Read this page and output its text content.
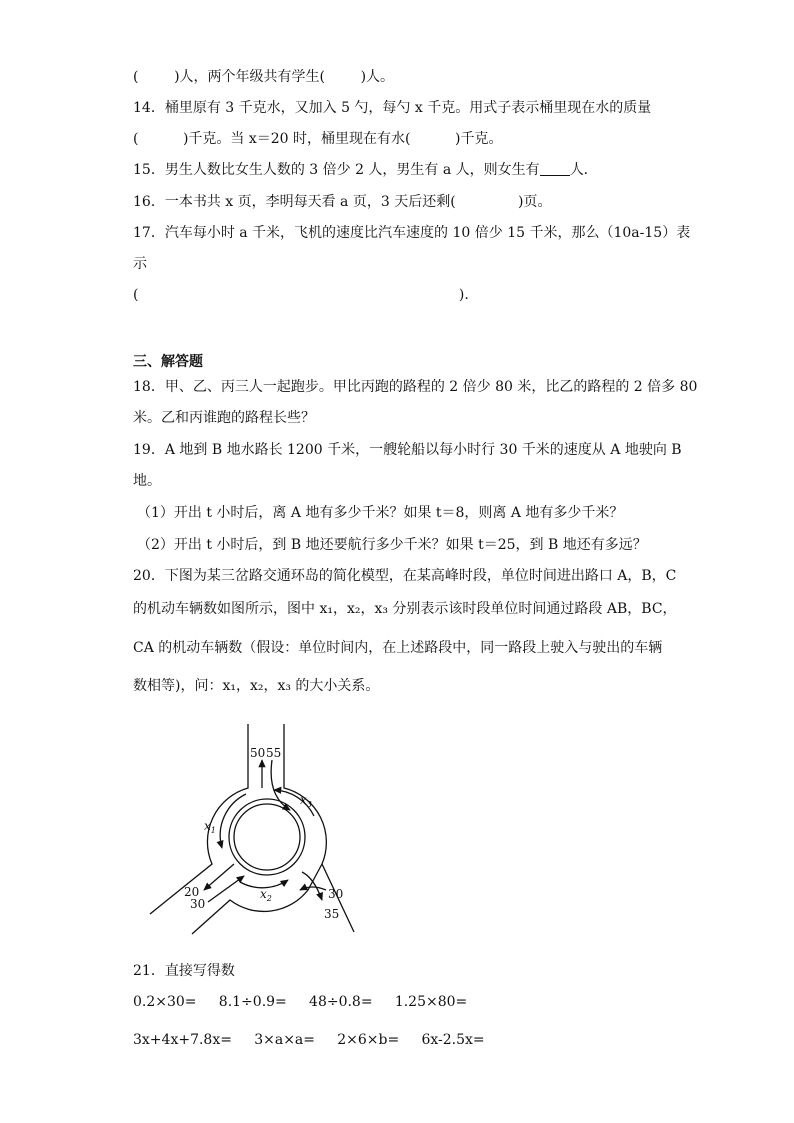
(        )人，两个年级共有学生(        )人。
14．桶里原有 3 千克水，又加入 5 勺，每勺 x 千克。用式子表示桶里现在水的质量
(          )千克。当 x＝20 时，桶里现在有水(          )千克。
15．男生人数比女生人数的 3 倍少 2 人，男生有 a 人，则女生有 人．
16．一本书共 x 页，李明每天看 a 页，3 天后还剩(              )页。
17．汽车每小时 a 千米，飞机的速度比汽车速度的 10 倍少 15 千米，那么（10a-15）表
示
(                                                                        ).
三、解答题
18．甲、乙、丙三人一起跑步。甲比丙跑的路程的 2 倍少 80 米，比乙的路程的 2 倍多 80
米。乙和丙谁跑的路程长些？
19．A 地到 B 地水路长 1200 千米，一艘轮船以每小时行 30 千米的速度从 A 地驶向 B
地。
（1）开出 t 小时后，离 A 地有多少千米？如果 t＝8，则离 A 地有多少千米？
（2）开出 t 小时后，到 B 地还要航行多少千米？如果 t＝25，到 B 地还有多远？
20．下图为某三岔路交通环岛的简化模型，在某高峰时段，单位时间进出路口 A，B，C
的机动车辆数如图所示，图中 x₁，x₂，x₃ 分别表示该时段单位时间通过路段 AB，BC，
CA 的机动车辆数（假设：单位时间内，在上述路段中，同一路段上驶入与驶出的车辆
数相等)，问：x₁，x₂，x₃ 的大小关系。
50 55
20
30
30
35
$x_1$
$x_2$
$x_3$
21．直接写得数
0.2×30=     8.1÷0.9=     48÷0.8=     1.25×80=
3x+4x+7.8x=     3×a×a=     2×6×b=     6x-2.5x=
